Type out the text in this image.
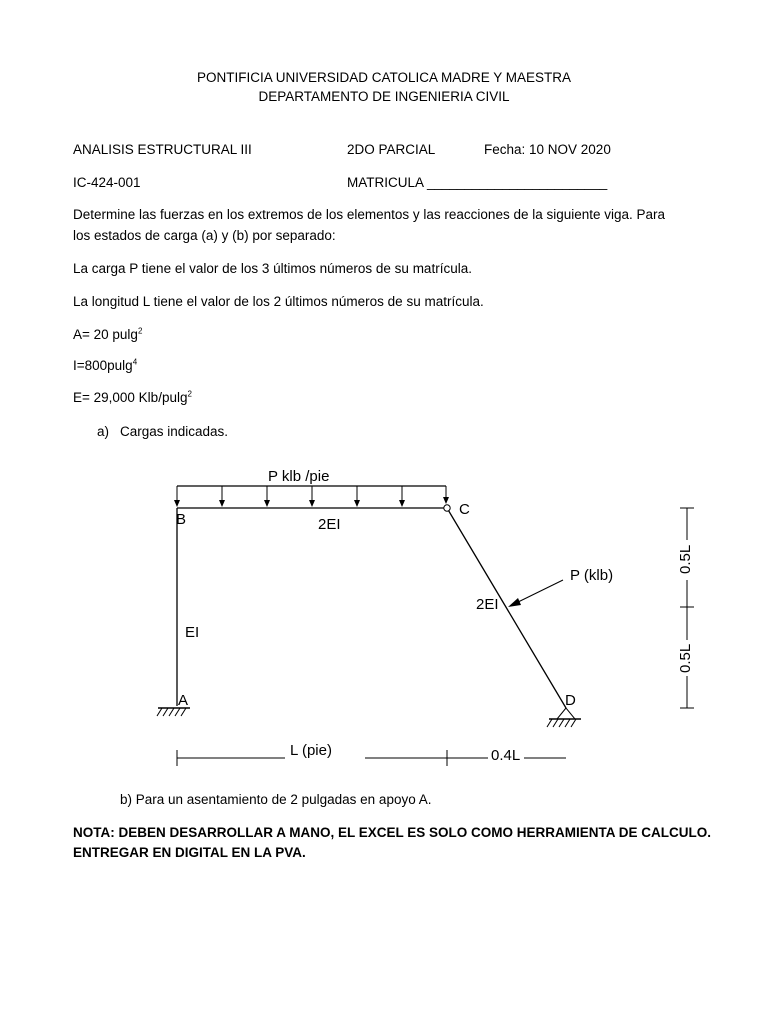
PONTIFICIA UNIVERSIDAD CATOLICA MADRE Y MAESTRA
DEPARTAMENTO DE INGENIERIA CIVIL
ANALISIS ESTRUCTURAL III	2DO PARCIAL	Fecha: 10 NOV 2020
IC-424-001	MATRICULA ________________________
Determine las fuerzas en los extremos de los elementos y las reacciones de la siguiente viga. Para
los estados de carga (a) y (b) por separado:
La carga P tiene el valor de los 3 últimos números de su matrícula.
La longitud L tiene el valor de los 2 últimos números de su matrícula.
A= 20 pulg$^2$
I=800pulg$^4$
E= 29,000 Klb/pulg$^2$
a) Cargas indicadas.
P klb /pie
B
C
2EI
EI
2EI
P (klb)
A	D
L (pie)	0.4L
0.5L
0.5L
b) Para un asentamiento de 2 pulgadas en apoyo A.
NOTA: DEBEN DESARROLLAR A MANO, EL EXCEL ES SOLO COMO HERRAMIENTA DE CALCULO.
ENTREGAR EN DIGITAL EN LA PVA.
